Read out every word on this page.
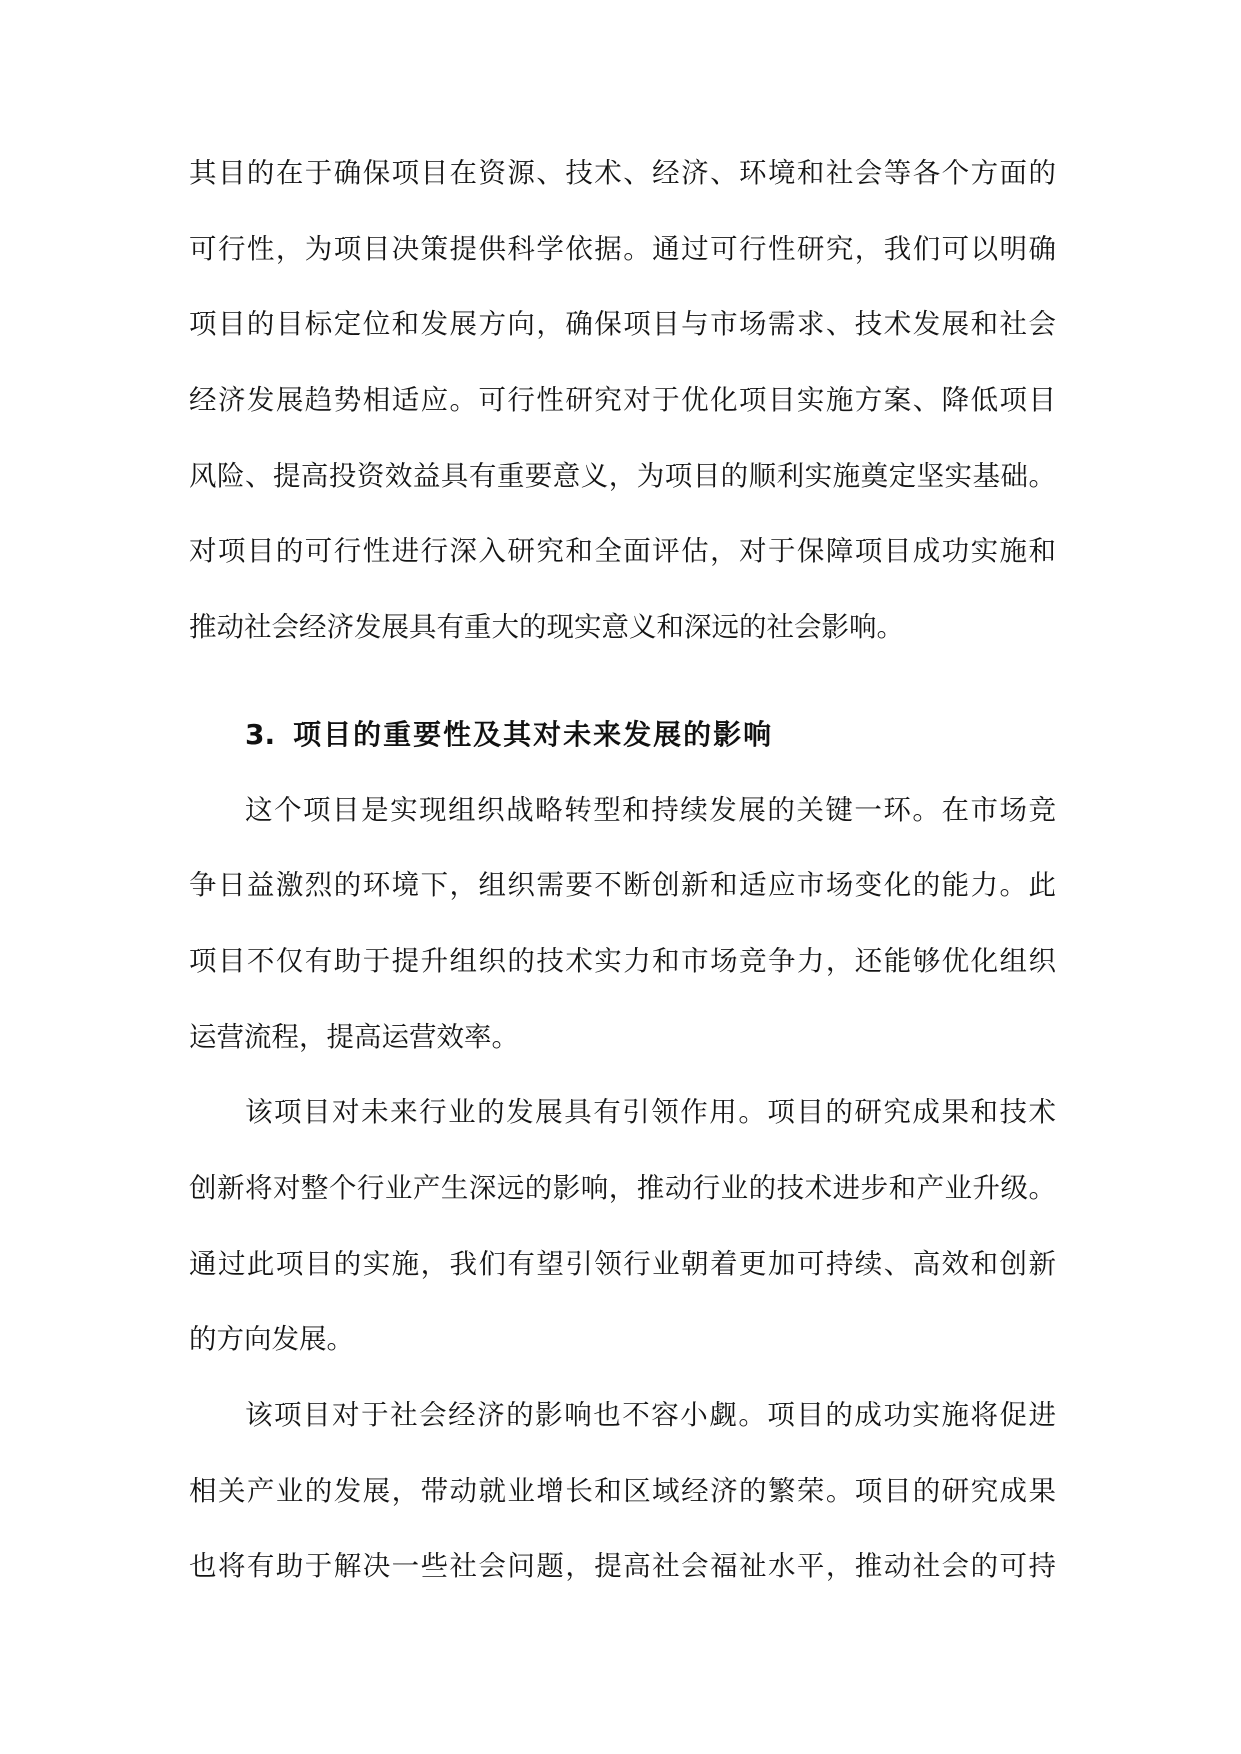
其目的在于确保项目在资源、技术、经济、环境和社会等各个方面的
可行性，为项目决策提供科学依据。通过可行性研究，我们可以明确
项目的目标定位和发展方向，确保项目与市场需求、技术发展和社会
经济发展趋势相适应。可行性研究对于优化项目实施方案、降低项目
风险、提高投资效益具有重要意义，为项目的顺利实施奠定坚实基础。
对项目的可行性进行深入研究和全面评估，对于保障项目成功实施和
推动社会经济发展具有重大的现实意义和深远的社会影响。
3. 项目的重要性及其对未来发展的影响
这个项目是实现组织战略转型和持续发展的关键一环。在市场竞
争日益激烈的环境下，组织需要不断创新和适应市场变化的能力。此
项目不仅有助于提升组织的技术实力和市场竞争力，还能够优化组织
运营流程，提高运营效率。
该项目对未来行业的发展具有引领作用。项目的研究成果和技术
创新将对整个行业产生深远的影响，推动行业的技术进步和产业升级。
通过此项目的实施，我们有望引领行业朝着更加可持续、高效和创新
的方向发展。
该项目对于社会经济的影响也不容小觑。项目的成功实施将促进
相关产业的发展，带动就业增长和区域经济的繁荣。项目的研究成果
也将有助于解决一些社会问题，提高社会福祉水平，推动社会的可持
